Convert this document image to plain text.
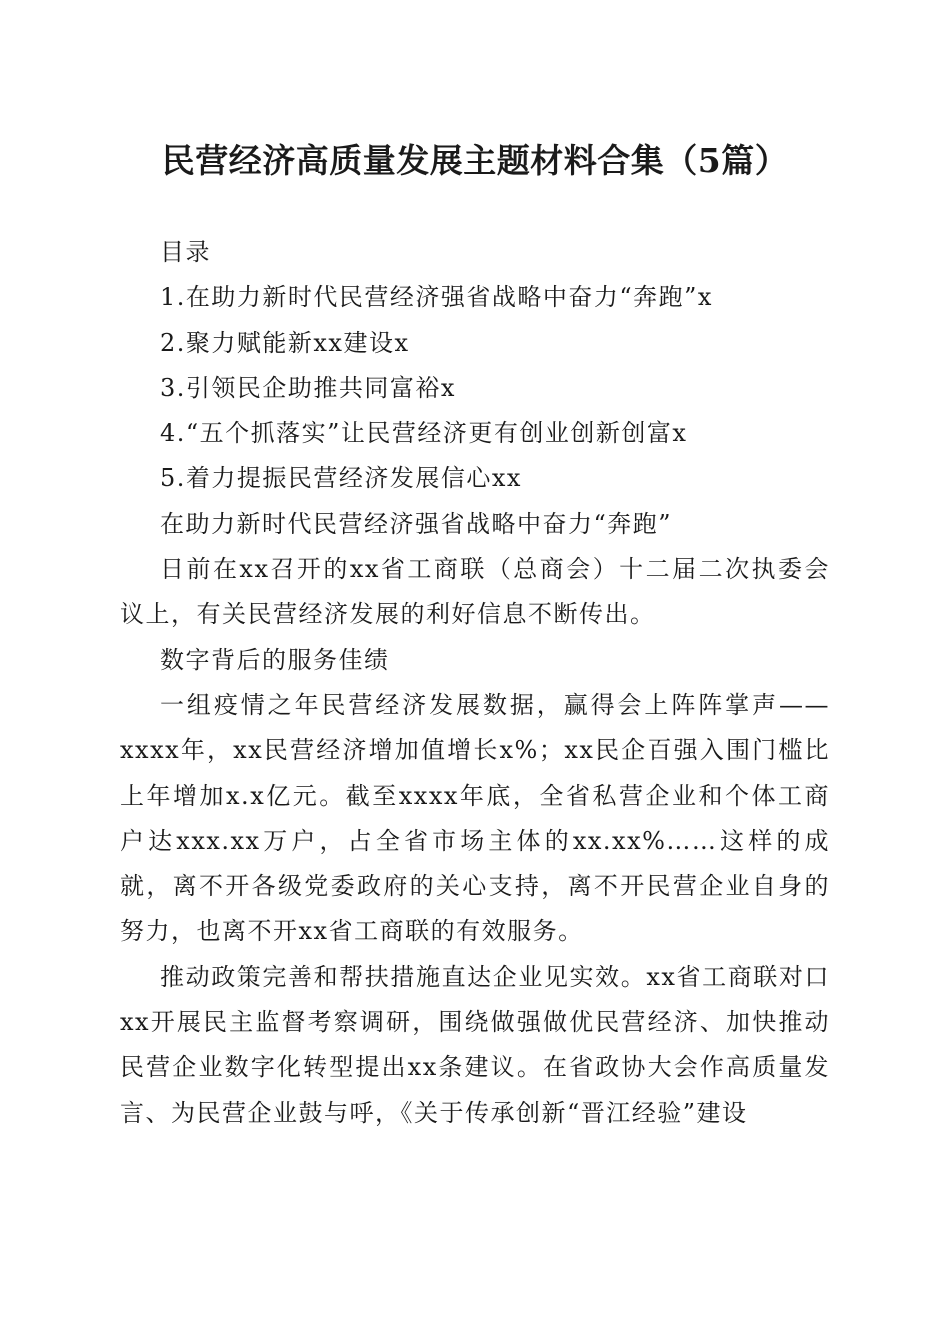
民营经济高质量发展主题材料合集（5篇）

目录

1.在助力新时代民营经济强省战略中奋力“奔跑”x

2.聚力赋能新xx建设x

3.引领民企助推共同富裕x

4.“五个抓落实”让民营经济更有创业创新创富x

5.着力提振民营经济发展信心xx

在助力新时代民营经济强省战略中奋力“奔跑”

日前在xx召开的xx省工商联（总商会）十二届二次执委会议上，有关民营经济发展的利好信息不断传出。

数字背后的服务佳绩

一组疫情之年民营经济发展数据，赢得会上阵阵掌声——xxxx年，xx民营经济增加值增长x%；xx民企百强入围门槛比上年增加x.x亿元。截至xxxx年底，全省私营企业和个体工商户达xxx.xx万户，占全省市场主体的xx.xx%……这样的成就，离不开各级党委政府的关心支持，离不开民营企业自身的努力，也离不开xx省工商联的有效服务。

推动政策完善和帮扶措施直达企业见实效。xx省工商联对口xx开展民主监督考察调研，围绕做强做优民营经济、加快推动民营企业数字化转型提出xx条建议。在省政协大会作高质量发言、为民营企业鼓与呼，《关于传承创新“晋江经验”建设
